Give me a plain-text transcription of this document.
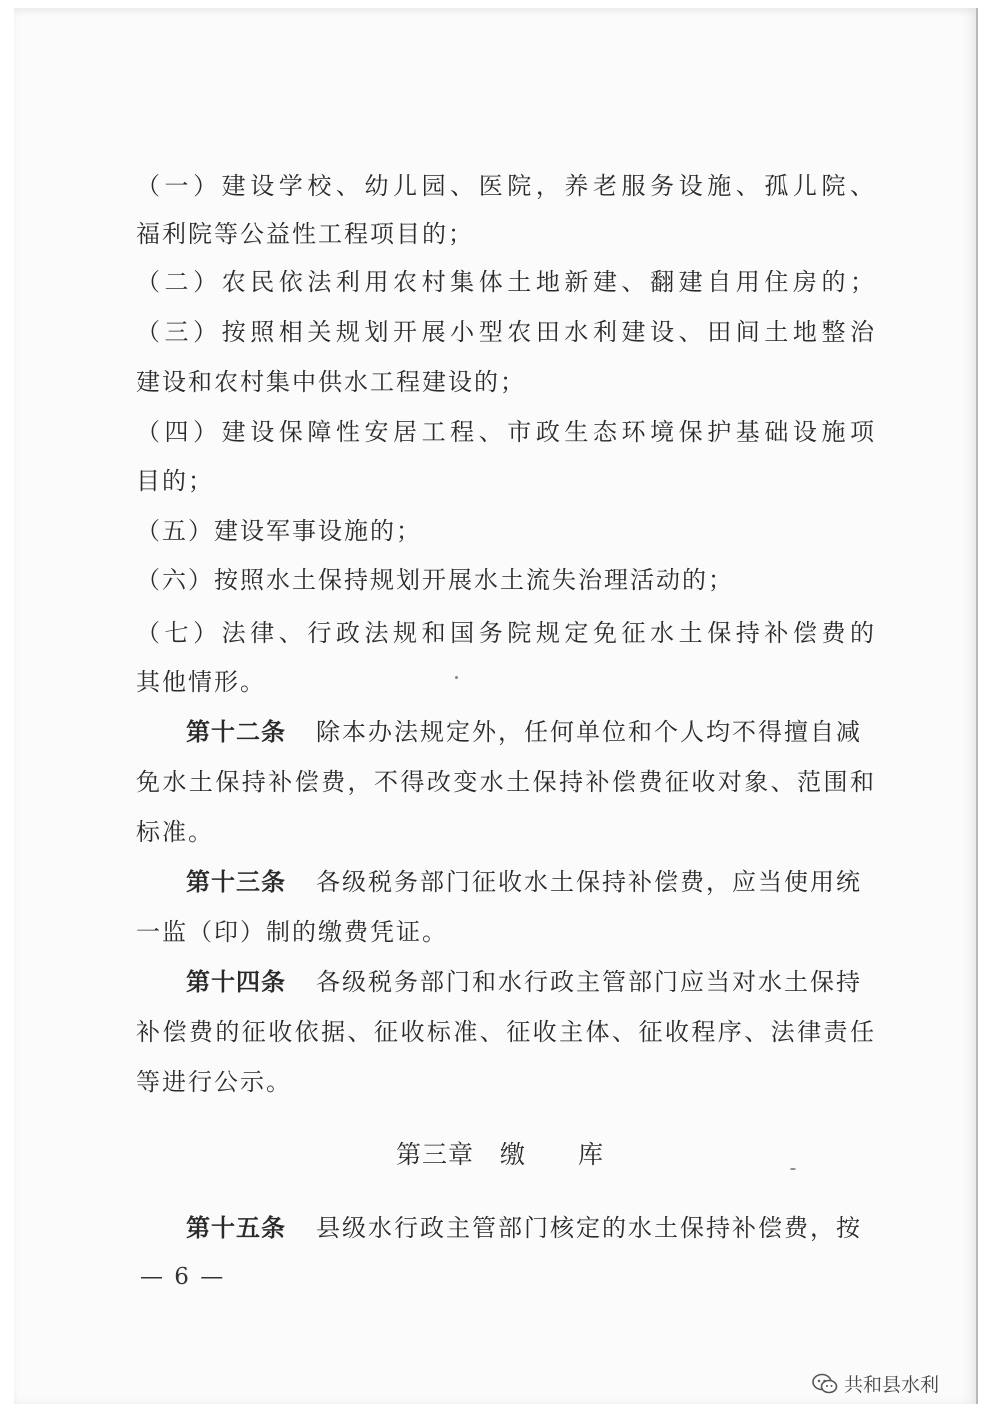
（一）建设学校、幼儿园、医院，养老服务设施、孤儿院、
福利院等公益性工程项目的；
（二）农民依法利用农村集体土地新建、翻建自用住房的；
（三）按照相关规划开展小型农田水利建设、田间土地整治
建设和农村集中供水工程建设的；
（四）建设保障性安居工程、市政生态环境保护基础设施项
目的；
（五）建设军事设施的；
（六）按照水土保持规划开展水土流失治理活动的；
（七）法律、行政法规和国务院规定免征水土保持补偿费的
其他情形。
第十二条 除本办法规定外，任何单位和个人均不得擅自减
免水土保持补偿费，不得改变水土保持补偿费征收对象、范围和
标准。
第十三条 各级税务部门征收水土保持补偿费，应当使用统
一监（印）制的缴费凭证。
第十四条 各级税务部门和水行政主管部门应当对水土保持
补偿费的征收依据、征收标准、征收主体、征收程序、法律责任
等进行公示。
第三章　缴　　库
第十五条 县级水行政主管部门核定的水土保持补偿费，按
— 6 —
共和县水利
